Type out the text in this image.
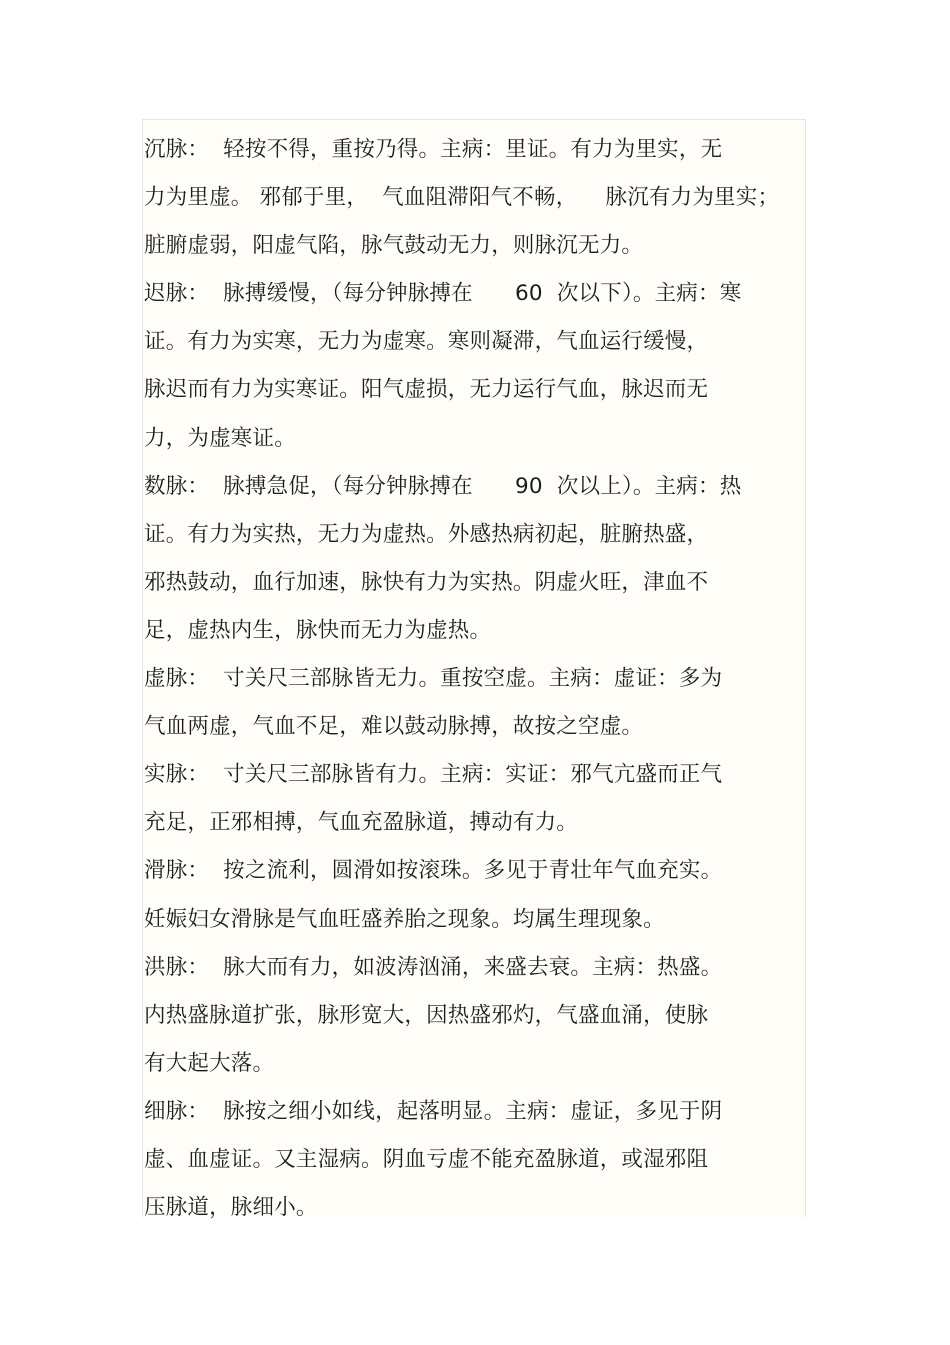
沉脉：  轻按不得，重按乃得。主病：里证。有力为里实，无
力为里虚。 邪郁于里，  气血阻滞阳气不畅，    脉沉有力为里实；
脏腑虚弱，阳虚气陷，脉气鼓动无力，则脉沉无力。
迟脉：  脉搏缓慢，（每分钟脉搏在      60  次以下）。主病：寒
证。有力为实寒，无力为虚寒。寒则凝滞，气血运行缓慢，
脉迟而有力为实寒证。阳气虚损，无力运行气血，脉迟而无
力，为虚寒证。
数脉：  脉搏急促，（每分钟脉搏在      90  次以上）。主病：热
证。有力为实热，无力为虚热。外感热病初起，脏腑热盛，
邪热鼓动，血行加速，脉快有力为实热。阴虚火旺，津血不
足，虚热内生，脉快而无力为虚热。
虚脉：  寸关尺三部脉皆无力。重按空虚。主病：虚证：多为
气血两虚，气血不足，难以鼓动脉搏，故按之空虚。
实脉：  寸关尺三部脉皆有力。主病：实证：邪气亢盛而正气
充足，正邪相搏，气血充盈脉道，搏动有力。
滑脉：  按之流利，圆滑如按滚珠。多见于青壮年气血充实。
妊娠妇女滑脉是气血旺盛养胎之现象。均属生理现象。
洪脉：  脉大而有力，如波涛汹涌，来盛去衰。主病：热盛。
内热盛脉道扩张，脉形宽大，因热盛邪灼，气盛血涌，使脉
有大起大落。
细脉：  脉按之细小如线，起落明显。主病：虚证，多见于阴
虚、血虚证。又主湿病。阴血亏虚不能充盈脉道，或湿邪阻
压脉道，脉细小。
